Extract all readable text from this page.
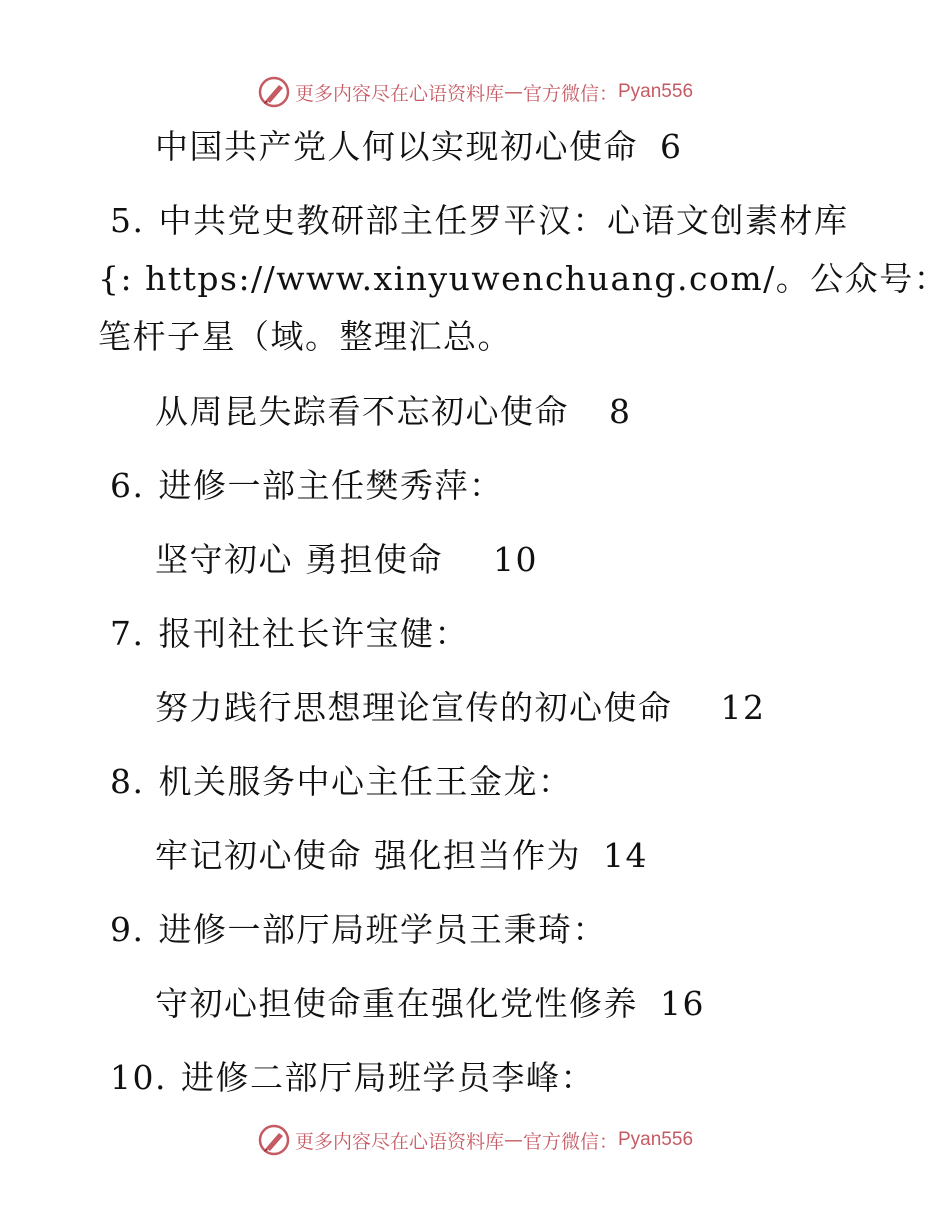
更多内容尽在心语资料库 — 官方微信： Pyan556
中国共产党人何以实现初心使命 6
5. 中共党史教研部主任罗平汉：心语文创素材库
{: https://www.xinyuwenchuang.com/。公众号：
笔杆子星（域。整理汇总。
从周昆失踪看不忘初心使命 8
6. 进修一部主任樊秀萍：
坚守初心 勇担使命 10
7. 报刊社社长许宝健：
努力践行思想理论宣传的初心使命 12
8. 机关服务中心主任王金龙：
牢记初心使命 强化担当作为 14
9. 进修一部厅局班学员王秉琦：
守初心担使命重在强化党性修养 16
10. 进修二部厅局班学员李峰：
更多内容尽在心语资料库 — 官方微信： Pyan556
